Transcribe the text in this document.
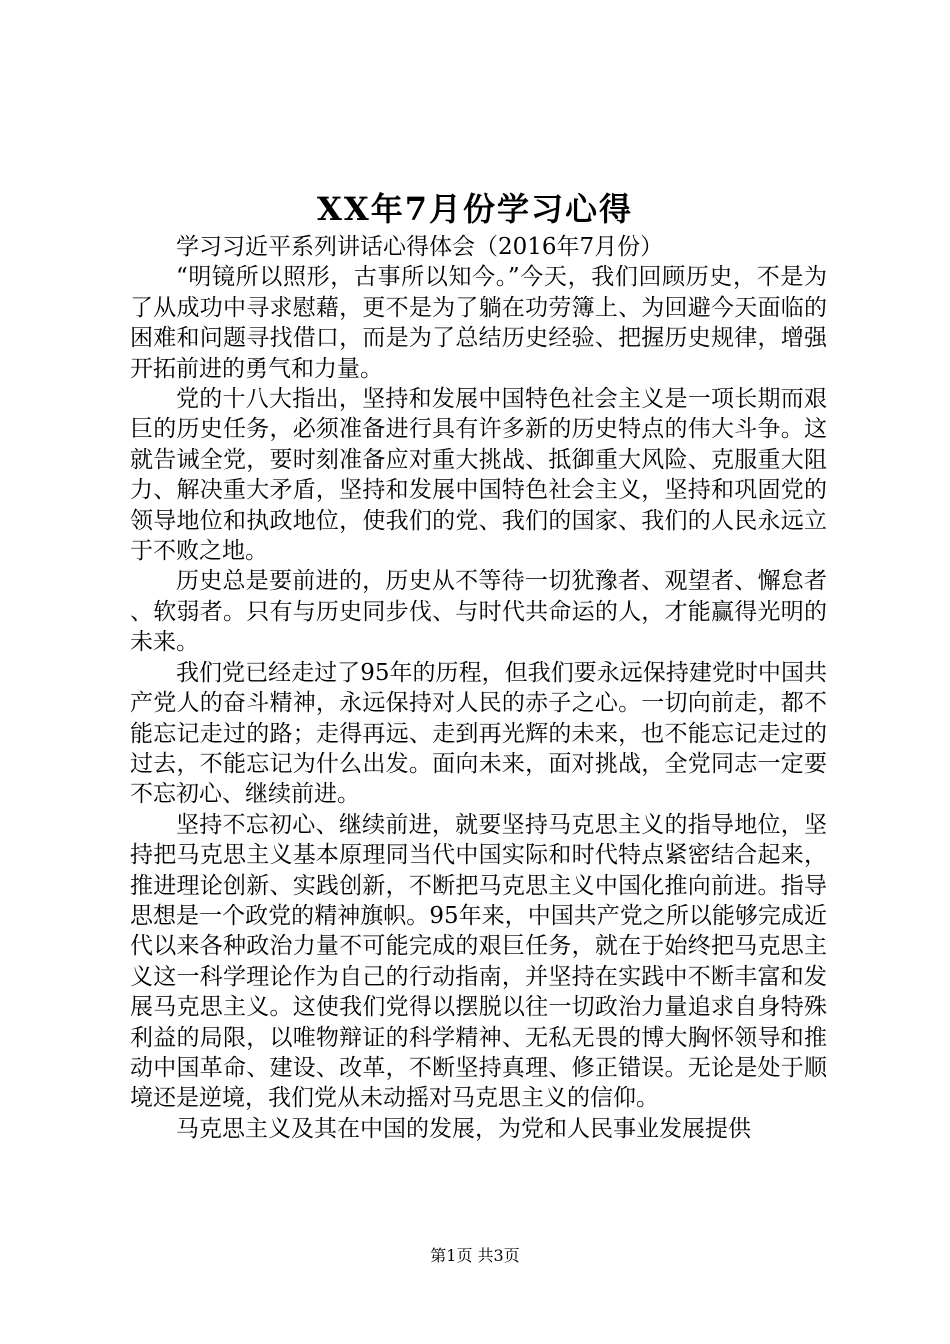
XX年7月份学习心得

学习习近平系列讲话心得体会（2016年7月份）

“明镜所以照形，古事所以知今。”今天，我们回顾历史，不是为了从成功中寻求慰藉，更不是为了躺在功劳簿上、为回避今天面临的困难和问题寻找借口，而是为了总结历史经验、把握历史规律，增强开拓前进的勇气和力量。

党的十八大指出，坚持和发展中国特色社会主义是一项长期而艰巨的历史任务，必须准备进行具有许多新的历史特点的伟大斗争。这就告诫全党，要时刻准备应对重大挑战、抵御重大风险、克服重大阻力、解决重大矛盾，坚持和发展中国特色社会主义，坚持和巩固党的领导地位和执政地位，使我们的党、我们的国家、我们的人民永远立于不败之地。

历史总是要前进的，历史从不等待一切犹豫者、观望者、懈怠者、软弱者。只有与历史同步伐、与时代共命运的人，才能赢得光明的未来。

我们党已经走过了95年的历程，但我们要永远保持建党时中国共产党人的奋斗精神，永远保持对人民的赤子之心。一切向前走，都不能忘记走过的路；走得再远、走到再光辉的未来，也不能忘记走过的过去，不能忘记为什么出发。面向未来，面对挑战，全党同志一定要不忘初心、继续前进。

坚持不忘初心、继续前进，就要坚持马克思主义的指导地位，坚持把马克思主义基本原理同当代中国实际和时代特点紧密结合起来，推进理论创新、实践创新，不断把马克思主义中国化推向前进。指导思想是一个政党的精神旗帜。95年来，中国共产党之所以能够完成近代以来各种政治力量不可能完成的艰巨任务，就在于始终把马克思主义这一科学理论作为自己的行动指南，并坚持在实践中不断丰富和发展马克思主义。这使我们党得以摆脱以往一切政治力量追求自身特殊利益的局限，以唯物辩证的科学精神、无私无畏的博大胸怀领导和推动中国革命、建设、改革，不断坚持真理、修正错误。无论是处于顺境还是逆境，我们党从未动摇对马克思主义的信仰。

马克思主义及其在中国的发展，为党和人民事业发展提供

第1页 共3页
